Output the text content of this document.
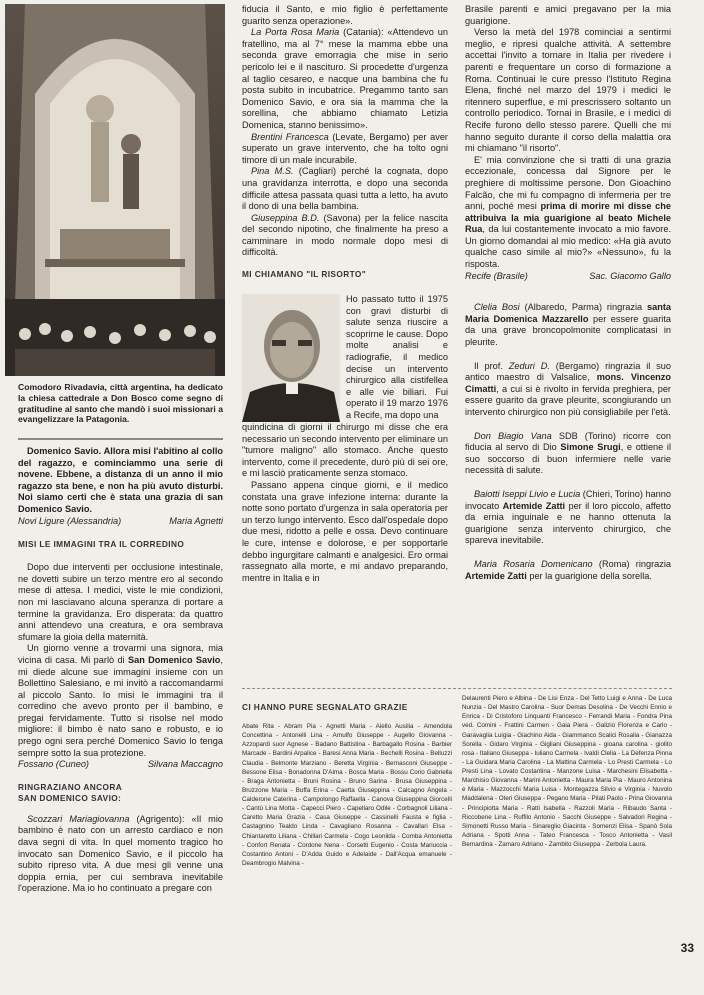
Comodoro Rivadavia, città argentina, ha dedicato la chiesa cattedrale a Don Bosco come segno di gratitudine al santo che mandò i suoi missionari a evangelizzare la Patagonia.

Domenico Savio. Allora misi l'abitino al collo del ragazzo, e cominciammo una serie di novene. Ebbene, a distanza di un anno il mio ragazzo sta bene, e non ha più avuto disturbi. Noi siamo certi che è stata una grazia di san Domenico Savio.

Novi Ligure (Alessandria)	Maria Agnetti
MISI LE IMMAGINI TRA IL CORREDINO

Dopo due interventi per occlusione intestinale, ne dovetti subire un terzo mentre ero al secondo mese di attesa. I medici, viste le mie condizioni, non mi lasciavano alcuna speranza di portare a termine la gravidanza. Ero disperata: da quattro anni attendevo una creatura, e ora sembrava sfumare la gioia della maternità.

Un giorno venne a trovarmi una signora, mia vicina di casa. Mi parlò di San Domenico Savio, mi diede alcune sue immagini insieme con un Bollettino Salesiano, e mi invitò a raccomandarmi al piccolo Santo. Io misi le immagini tra il corredino che avevo pronto per il bambino, e pregai fervidamente. Tutto si risolse nel modo migliore: il bimbo è nato sano e robusto, e io prego ogni sera perché Domenico Savio lo tenga sempre sotto la sua protezione.

Fossano (Cuneo)	Silvana Maccagno
RINGRAZIANO ANCORA
SAN DOMENICO SAVIO:

Scozzari Mariagiovanna (Agrigento): «Il mio bambino è nato con un arresto cardiaco e non dava segni di vita. In quel momento tragico ho invocato san Domenico Savio, e il piccolo ha subito ripreso vita. A due mesi gli venne una doppia ernia, per cui sembrava inevitabile l'operazione. Ma io ho continuato a pregare con

fiducia il Santo, e mio figlio è perfettamente guarito senza operazione».

La Porta Rosa Maria (Catania): «Attendevo un fratellino, ma al 7° mese la mamma ebbe una seconda grave emorragia che mise in serio pericolo lei e il nascituro. Si procedette d'urgenza al taglio cesareo, e nacque una bambina che fu posta subito in incubatrice. Pregammo tanto san Domenico Savio, e ora sia la mamma che la sorellina, che abbiamo chiamato Letizia Domenica, stanno benissimo».

Brentini Francesca (Levate, Bergamo) per aver superato un grave intervento, che ha tolto ogni timore di un male incurabile.

Pina M.S. (Cagliari) perché la cognata, dopo una gravidanza interrotta, e dopo una seconda difficile attesa passata quasi tutta a letto, ha avuto il dono di una bella bambina.

Giuseppina B.D. (Savona) per la felice nascita del secondo nipotino, che finalmente ha preso a camminare in modo normale dopo mesi di difficoltà.

MI CHIAMANO "IL RISORTO"

Ho passato tutto il 1975 con gravi disturbi di salute senza riuscire a scoprirne le cause. Dopo molte analisi e radiografie, il medico decise un intervento chirurgico alla cistifellea e alle vie biliari. Fui operato il 19 marzo 1976 a Recife, ma dopo una

quindicina di giorni il chirurgo mi disse che era necessario un secondo intervento per eliminare un "tumore maligno" allo stomaco. Anche questo intervento, come il precedente, durò più di sei ore, e mi lasciò praticamente senza stomaco.

Passano appena cinque giorni, e il medico constata una grave infezione interna: durante la notte sono portato d'urgenza in sala operatoria per un terzo lungo intervento. Esco dall'ospedale dopo due mesi, ridotto a pelle e ossa. Devo continuare le cure, intense e dolorose, e per sopportarle debbo ingurgitare calmanti e analgesici. Ero ormai rassegnato alla morte, e mi andavo preparando, mentre in Italia e in

Brasile parenti e amici pregavano per la mia guarigione.

Verso la metà del 1978 cominciai a sentirmi meglio, e ripresi qualche attività. A settembre accettai l'invito a tornare in Italia per rivedere i parenti e frequentare un corso di formazione a Roma. Continuai le cure presso l'Istituto Regina Elena, finché nel marzo del 1979 i medici le ritennero superflue, e mi prescrissero soltanto un controllo periodico. Tornai in Brasile, e i medici di Recife furono dello stesso parere. Quelli che mi hanno seguito durante il corso della malattia ora mi chiamano "il risorto".

E' mia convinzione che si tratti di una grazia eccezionale, concessa dal Signore per le preghiere di moltissime persone. Don Gioachino Falcão, che mi fu compagno di infermeria per tre anni, poché mesi prima di morire mi disse che attribuiva la mia guarigione al beato Michele Rua, da lui costantemente invocato a mio favore. Un giorno domandai al mio medico: «Ha già avuto qualche caso simile al mio?» «Nessuno», fu la risposta.

Recife (Brasile)	Sac. Giacomo Gallo

Clelia Bosi (Albaredo, Parma) ringrazia santa Maria Domenica Mazzarello per essere guarita da una grave broncopolmonite complicatasi in pleurite.

Il prof. Zeduri D. (Bergamo) ringrazia il suo antico maestro di Valsalice, mons. Vincenzo Cimatti, a cui si è rivolto in fervida preghiera, per essere guarito da grave pleurite, scongiurando un intervento chirurgico non più consigliabile per l'età.

Don Biagio Vana SDB (Torino) ricorre con fiducia al servo di Dio Simone Srugi, e ottiene il suo soccorso di buon infermiere nelle varie necessità di salute.

Baiotti Iseppi Livio e Lucia (Chieri, Torino) hanno invocato Artemide Zatti per il loro piccolo, affetto da ernia inguinale e ne hanno ottenuta la guarigione senza intervento chirurgico, che spareva inevitabile.

Maria Rosaria Domenicano (Roma) ringrazia Artemide Zatti per la guarigione della sorella.

CI HANNO PURE SEGNALATO GRAZIE

Abate Rita - Abram Pia - Agnetti Maria - Aiello Ausilia - Amendola Concettina - Antonelli Lina - Arnulfo Giuseppe - Augello Giovanna - Azzopardi suor Agnese - Badano Battistina - Barbagallo Rosina - Barbier Marcade - Bardini Arpalice - Baresi Anna Maria - Bechelli Rosina - Belluzzi Claudia - Belmonte Marziano - Beretta Virginia - Bernasconi Giuseppe - Bessone Elisa - Bonadonna D'Alma - Bosca Maria - Bossu Corio Gabriella - Braga Antonietta - Bruni Rosina - Bruno Sarina - Brusa Giuseppina - Bruzzone Maria - Buffa Erina - Caetta Giuseppina - Calcagno Angela - Calderone Caterina - Campolongo Raffaella - Canova Giuseppina Giorcelli - Cantù Lina Motta - Capecci Piero - Capellaro Odile - Corbagnoli Liliana - Caretto Maria Grazia - Casa Giuseppe - Cassinelli Fausta e figlia - Castagnino Tealdo Linda - Cavagliano Rosanna - Cavallari Elsa - Chiantaretto Liliana - Chillari Carmela - Cogo Leonilda - Comba Antonietta - Confort Renata - Cordone Nena - Corsetti Eugenio - Costa Mariuccia - Costantino Antoni - D'Adda Guido e Adelaide - Dall'Acqua emanuele - Deambrogio Malvina -

Delaurenti Piero e Albina - De Lisi Enza - Del Tetto Luigi e Anna - De Luca Nunzia - Del Mastro Carolina - Suor Demas Desolina - De Vecchi Ennio e Enrica - Di Cristoforo Linquanti Francesco - Ferrandi Maria - Fondra Pina ved. Comini - Frattini Carmen - Gaia Piera - Galizio Florenza e Carlo - Garavaglia Luigia - Giachino Aida - Giammanco Scalici Rosalia - Gianazza Sorella - Gidaro Virginia - Gigliani Giuseppina - gioana carolina - giolito rosa - Italiano Giuseppa - Iuliano Carmela - Ivaldi Clelia - La Defenza Pinna - La Guidara Maria Carolina - La Mattina Carmela - Lo Presti Carmela - Lo Presti Lina - Lovato Costantina - Manzone Luisa - Marchesini Elisabetta - Marchisio Giovanna - Marini Antonietta - Maura Maria Pia - Mauro Antonina e Maria - Mazzocchi Maria Luisa - Montegazza Silvio e Virginia - Nuvolo Maddalena - Oteri Giuseppa - Pegano Maria - Pilati Paolo - Prina Giovanna - Principiotta Maria - Ratti Isabella - Razzoli Maria - Ribaudo Santa - Riccobene Lina - Ruffilo Antonio - Sacchi Giuseppe - Salvadori Regina - Simonetti Russo Maria - Sinareglio Giacinta - Somenzi Elisa - Spanò Sola Adriana - Spotti Anna - Tateo Francesca - Tosco Antonietta - Vasil Bernardina - Zamaro Adriano - Zambito Giuseppa - Zerbola Laura.

33
